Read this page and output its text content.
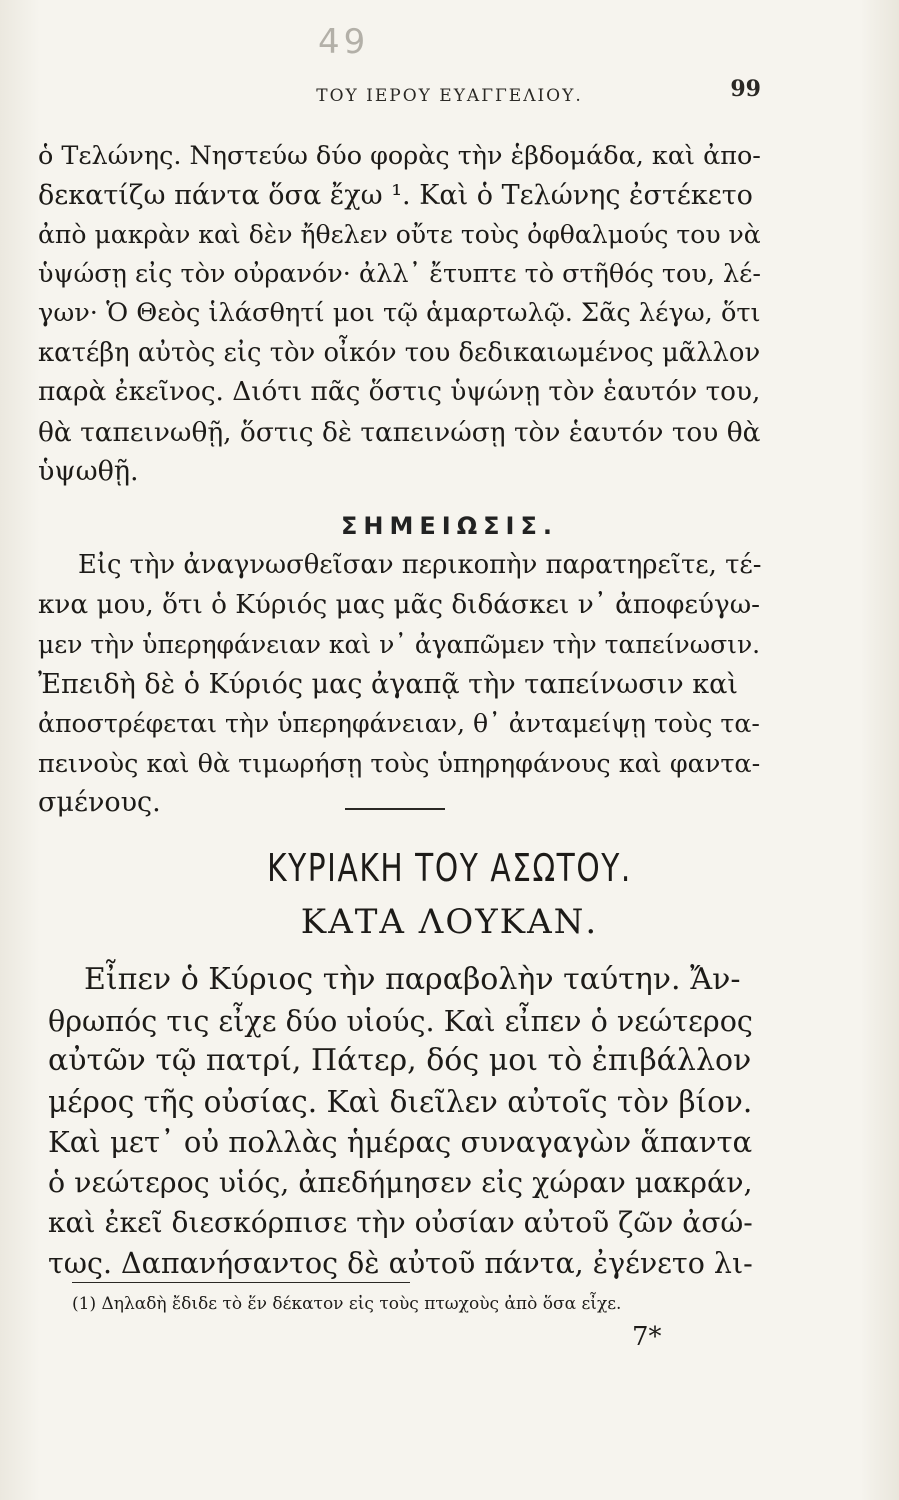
49
ΤΟΥ ΙΕΡΟΥ ΕΥΑΓΓΕΛΙΟΥ.	99
ὁ Τελώνης. Νηστεύω δύο φορὰς τὴν ἑβδομάδα, καὶ ἀπο-
δεκατίζω πάντα ὅσα ἔχω ¹. Καὶ ὁ Τελώνης ἐστέκετο
ἀπὸ μακρὰν καὶ δὲν ἤθελεν οὔτε τοὺς ὀφθαλμούς του νὰ
ὑψώσῃ εἰς τὸν οὐρανόν· ἀλλ᾽ ἔτυπτε τὸ στῆθός του, λέ-
γων· Ὁ Θεὸς ἱλάσθητί μοι τῷ ἁμαρτωλῷ. Σᾶς λέγω, ὅτι
κατέβη αὐτὸς εἰς τὸν οἶκόν του δεδικαιωμένος μᾶλλον
παρὰ ἐκεῖνος. Διότι πᾶς ὅστις ὑψώνῃ τὸν ἑαυτόν του,
θὰ ταπεινωθῇ, ὅστις δὲ ταπεινώσῃ τὸν ἑαυτόν του θὰ
ὑψωθῇ.
ΣΗΜΕΙΩΣΙΣ.
Εἰς τὴν ἀναγνωσθεῖσαν περικοπὴν παρατηρεῖτε, τέ-
κνα μου, ὅτι ὁ Κύριός μας μᾶς διδάσκει ν᾽ ἀποφεύγω-
μεν τὴν ὑπερηφάνειαν καὶ ν᾽ ἀγαπῶμεν τὴν ταπείνωσιν.
Ἐπειδὴ δὲ ὁ Κύριός μας ἀγαπᾷ τὴν ταπείνωσιν καὶ
ἀποστρέφεται τὴν ὑπερηφάνειαν, θ᾽ ἀνταμείψῃ τοὺς τα-
πεινοὺς καὶ θὰ τιμωρήσῃ τοὺς ὑπηρηφάνους καὶ φαντα-
σμένους.
ΚΥΡΙΑΚΗ ΤΟΥ ΑΣΩΤΟΥ.
ΚΑΤΑ ΛΟΥΚΑΝ.
Εἶπεν ὁ Κύριος τὴν παραβολὴν ταύτην. Ἄν-
θρωπός τις εἶχε δύο υἱούς. Καὶ εἶπεν ὁ νεώτερος
αὐτῶν τῷ πατρί, Πάτερ, δός μοι τὸ ἐπιβάλλον
μέρος τῆς οὐσίας. Καὶ διεῖλεν αὐτοῖς τὸν βίον.
Καὶ μετ᾽ οὐ πολλὰς ἡμέρας συναγαγὼν ἅπαντα
ὁ νεώτερος υἱός, ἀπεδήμησεν εἰς χώραν μακράν,
καὶ ἐκεῖ διεσκόρπισε τὴν οὐσίαν αὐτοῦ ζῶν ἀσώ-
τως. Δαπανήσαντος δὲ αὐτοῦ πάντα, ἐγένετο λι-
(1) Δηλαδὴ ἔδιδε τὸ ἕν δέκατον εἰς τοὺς πτωχοὺς ἀπὸ ὅσα εἶχε.
7*
